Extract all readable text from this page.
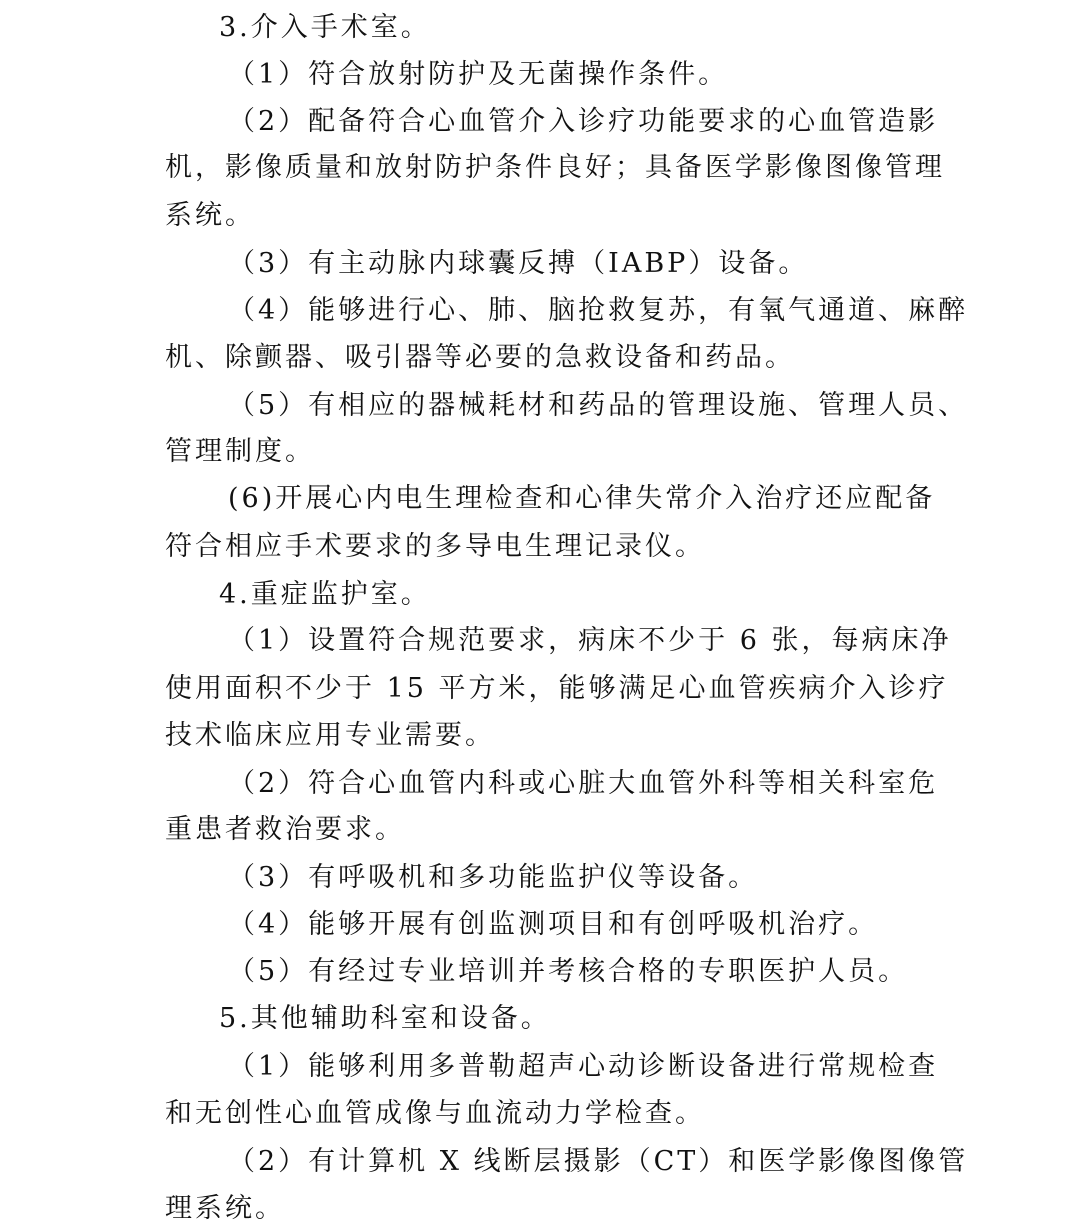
3.介入手术室。
（1）符合放射防护及无菌操作条件。
（2）配备符合心血管介入诊疗功能要求的心血管造影
机，影像质量和放射防护条件良好；具备医学影像图像管理
系统。
（3）有主动脉内球囊反搏（IABP）设备。
（4）能够进行心、肺、脑抢救复苏，有氧气通道、麻醉
机、除颤器、吸引器等必要的急救设备和药品。
（5）有相应的器械耗材和药品的管理设施、管理人员、
管理制度。
(6)开展心内电生理检查和心律失常介入治疗还应配备
符合相应手术要求的多导电生理记录仪。
4.重症监护室。
（1）设置符合规范要求，病床不少于 6 张，每病床净
使用面积不少于 15 平方米，能够满足心血管疾病介入诊疗
技术临床应用专业需要。
（2）符合心血管内科或心脏大血管外科等相关科室危
重患者救治要求。
（3）有呼吸机和多功能监护仪等设备。
（4）能够开展有创监测项目和有创呼吸机治疗。
（5）有经过专业培训并考核合格的专职医护人员。
5.其他辅助科室和设备。
（1）能够利用多普勒超声心动诊断设备进行常规检查
和无创性心血管成像与血流动力学检查。
（2）有计算机 X 线断层摄影（CT）和医学影像图像管
理系统。
